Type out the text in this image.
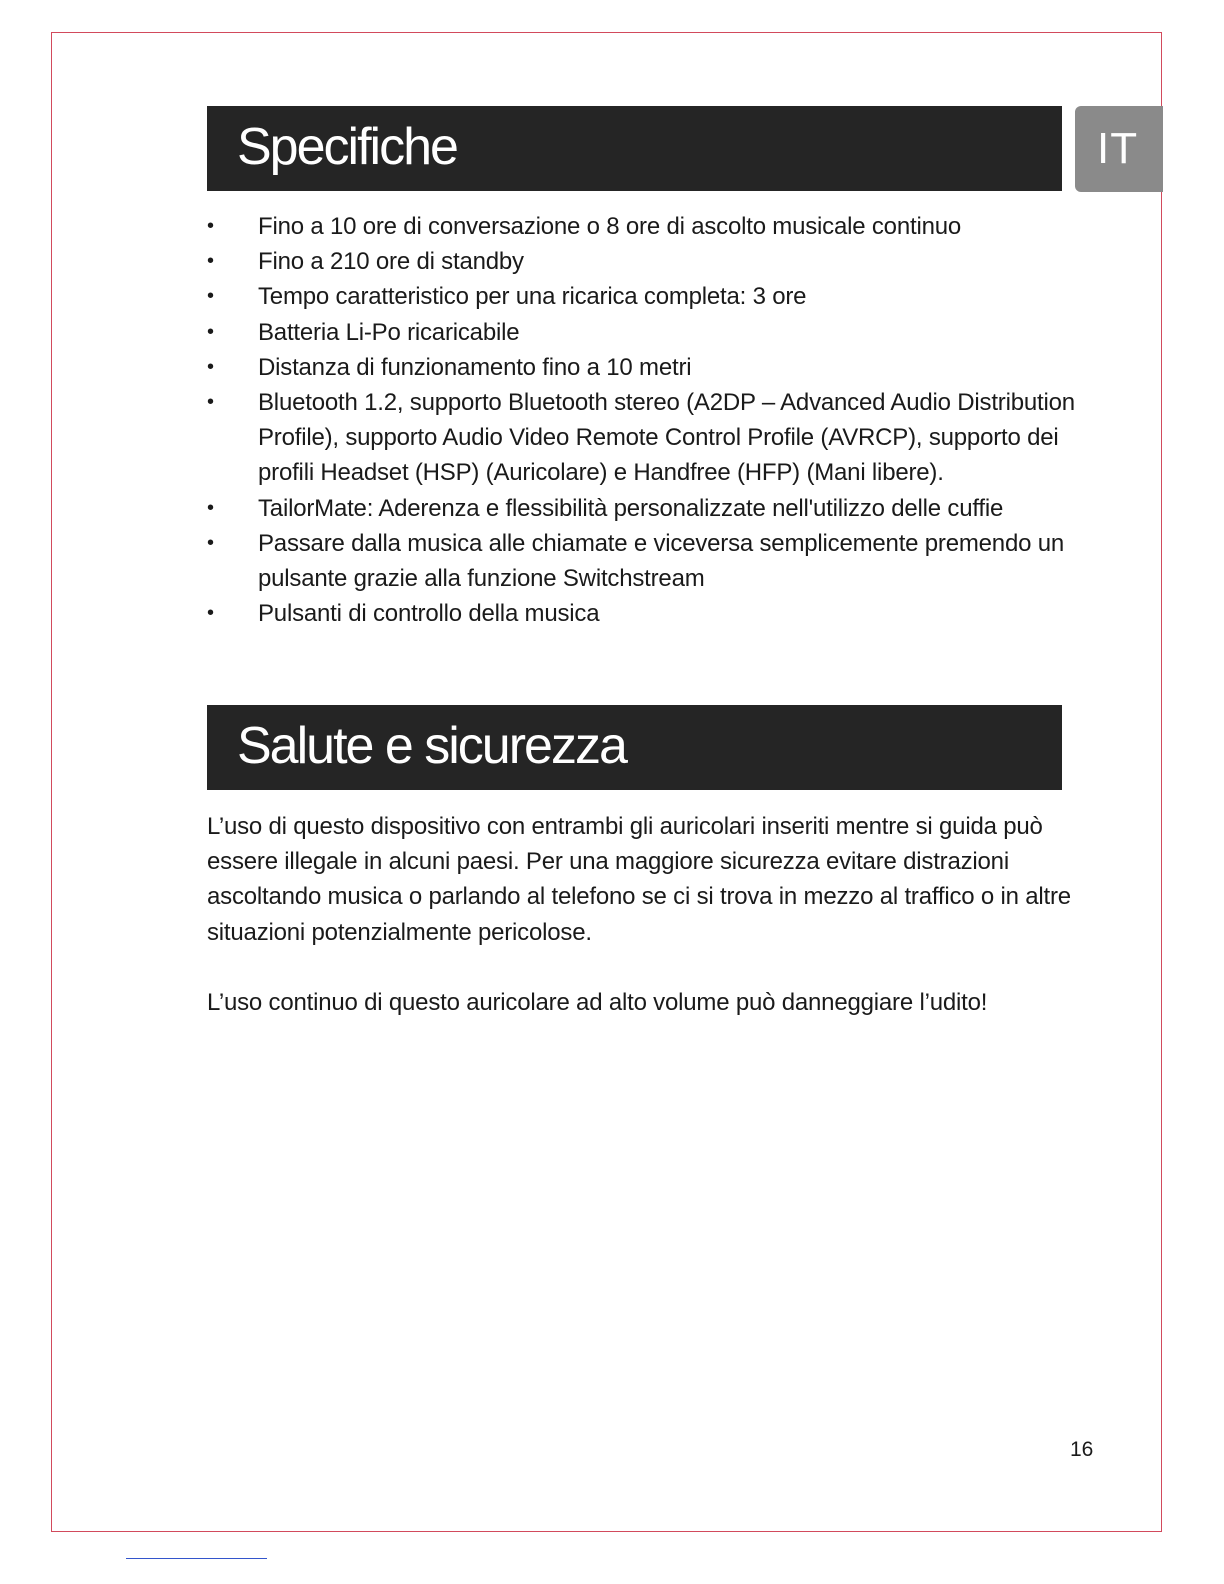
IT
Specifiche
• Fino a 10 ore di conversazione o 8 ore di ascolto musicale continuo
• Fino a 210 ore di standby
• Tempo caratteristico per una ricarica completa: 3 ore
• Batteria Li-Po ricaricabile
• Distanza di funzionamento fino a 10 metri
• Bluetooth 1.2, supporto Bluetooth stereo (A2DP – Advanced Audio Distribution Profile), supporto Audio Video Remote Control Profile (AVRCP), supporto dei profili Headset (HSP) (Auricolare) e Handfree (HFP) (Mani libere).
• TailorMate: Aderenza e flessibilità personalizzate nell'utilizzo delle cuffie
• Passare dalla musica alle chiamate e viceversa semplicemente premendo un pulsante grazie alla funzione Switchstream
• Pulsanti di controllo della musica
Salute e sicurezza

L’uso di questo dispositivo con entrambi gli auricolari inseriti mentre si guida può essere illegale in alcuni paesi. Per una maggiore sicurezza evitare distrazioni ascoltando musica o parlando al telefono se ci si trova in mezzo al traffico o in altre situazioni potenzialmente pericolose.

L’uso continuo di questo auricolare ad alto volume può danneggiare l’udito!

16
